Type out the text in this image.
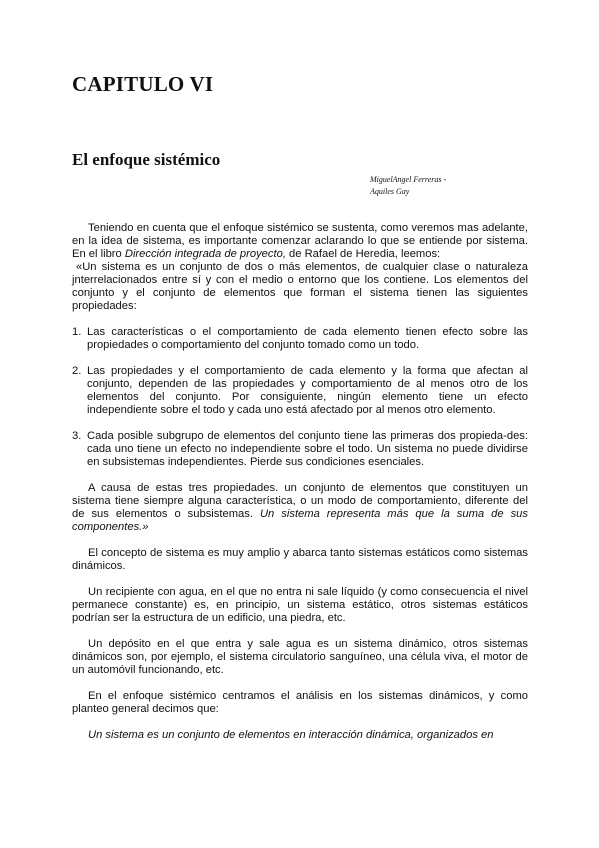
CAPITULO VI
El enfoque sistémico
MiguelAngel Ferreras -
Aquiles Gay

Teniendo en cuenta que el enfoque sistémico se sustenta, como veremos mas adelante, en la idea de sistema, es importante comenzar aclarando lo que se entiende por sistema. En el libro Dirección integrada de proyecto, de Rafael de Heredia, leemos:

«Un sistema es un conjunto de dos o más elementos, de cualquier clase o naturaleza jnterrelacionados entre sí y con el medio o entorno que los contiene. Los elementos del conjunto y el conjunto de elementos que forman el sistema tienen las siguientes propiedades:

1. Las características o el comportamiento de cada elemento tienen efecto sobre las propiedades o comportamiento del conjunto tomado como un todo.
2. Las propiedades y el comportamiento de cada elemento y la forma que afectan al conjunto, dependen de las propiedades y comportamiento de al menos otro de los elementos del conjunto. Por consiguiente, ningún elemento tiene un efecto independiente sobre el todo y cada uno está afectado por al menos otro elemento.
3. Cada posible subgrupo de elementos del conjunto tiene las primeras dos propieda-des: cada uno tiene un efecto no independiente sobre el todo. Un sistema no puede dividirse en subsistemas independientes. Pierde sus condiciones esenciales.

A causa de estas tres propiedades. un conjunto de elementos que constituyen un sistema tiene siempre alguna característica, o un modo de comportamiento, diferente del de sus elementos o subsistemas. Un sistema representa más que la suma de sus componentes.»

El concepto de sistema es muy amplio y abarca tanto sistemas estáticos como sistemas dinámicos.

Un recipiente con agua, en el que no entra ni sale líquido (y como consecuencia el nivel permanece constante) es, en principio, un sistema estático, otros sistemas estáticos podrían ser la estructura de un edificio, una piedra, etc.

Un depósito en el que entra y sale agua es un sistema dinámico, otros sistemas dinámicos son, por ejemplo, el sistema circulatorio sanguíneo, una célula viva, el motor de un automóvil funcionando, etc.

En el enfoque sistémico centramos el análisis en los sistemas dinámicos, y como planteo general decimos que:

Un sistema es un conjunto de elementos en interacción dinámica, organizados en
